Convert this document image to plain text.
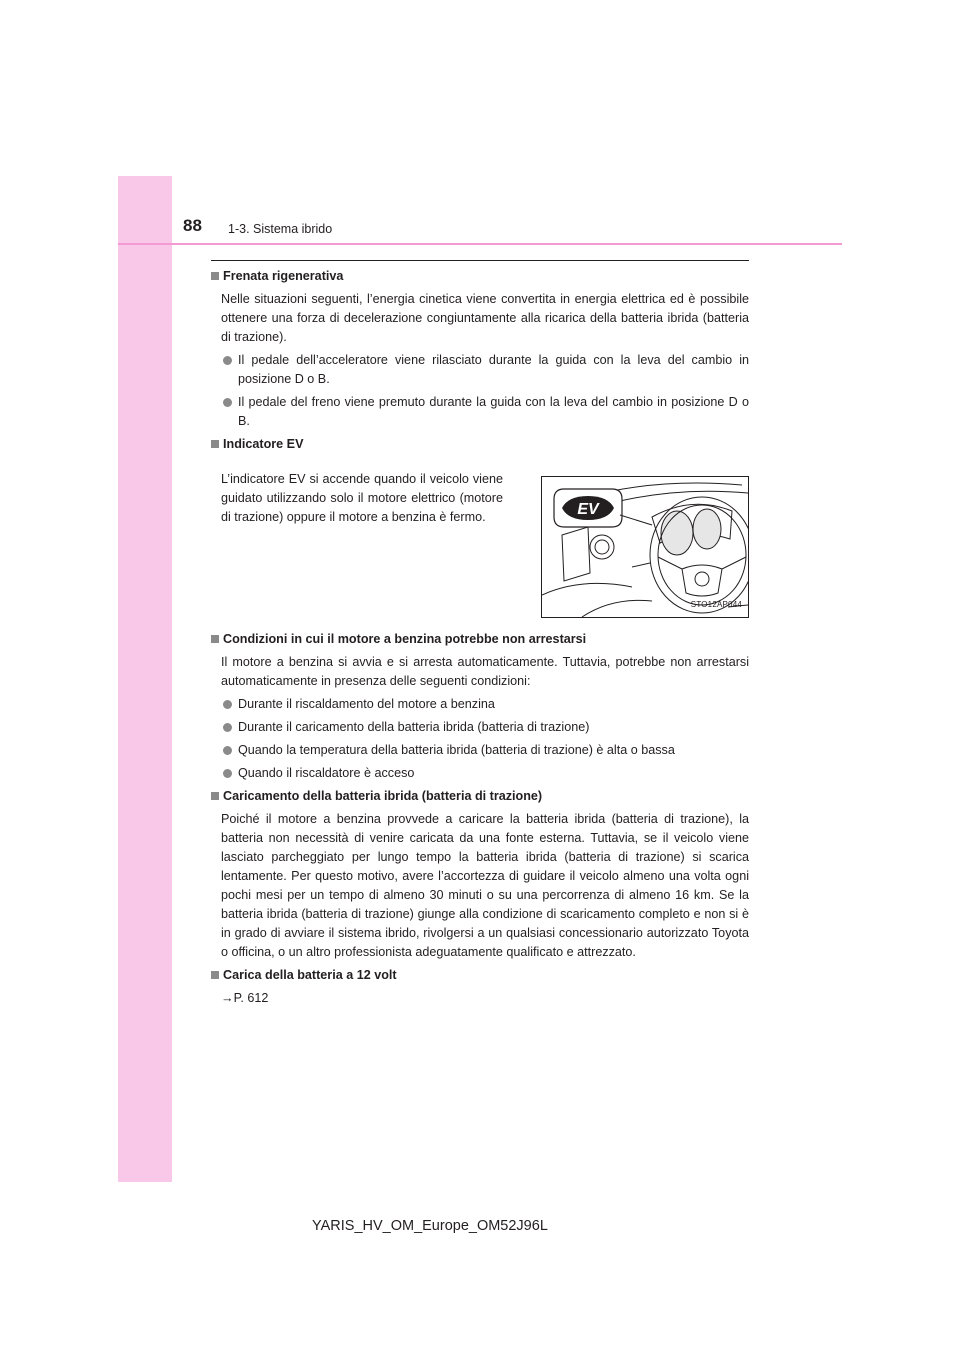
88 1-3. Sistema ibrido
Frenata rigenerativa
Nelle situazioni seguenti, l’energia cinetica viene convertita in energia elettrica ed è possibile ottenere una forza di decelerazione congiuntamente alla ricarica della batteria ibrida (batteria di trazione).
Il pedale dell’acceleratore viene rilasciato durante la guida con la leva del cambio in posizione D o B.
Il pedale del freno viene premuto durante la guida con la leva del cambio in posizione D o B.
Indicatore EV
L’indicatore EV si accende quando il veicolo viene guidato utilizzando solo il motore elettrico (motore di trazione) oppure il motore a benzina è fermo.	EV
STO12AP044
Condizioni in cui il motore a benzina potrebbe non arrestarsi
Il motore a benzina si avvia e si arresta automaticamente. Tuttavia, potrebbe non arrestarsi automaticamente in presenza delle seguenti condizioni:
Durante il riscaldamento del motore a benzina
Durante il caricamento della batteria ibrida (batteria di trazione)
Quando la temperatura della batteria ibrida (batteria di trazione) è alta o bassa
Quando il riscaldatore è acceso
Caricamento della batteria ibrida (batteria di trazione)
Poiché il motore a benzina provvede a caricare la batteria ibrida (batteria di trazione), la batteria non necessità di venire caricata da una fonte esterna. Tuttavia, se il veicolo viene lasciato parcheggiato per lungo tempo la batteria ibrida (batteria di trazione) si scarica lentamente. Per questo motivo, avere l’accortezza di guidare il veicolo almeno una volta ogni pochi mesi per un tempo di almeno 30 minuti o su una percorrenza di almeno 16 km. Se la batteria ibrida (batteria di trazione) giunge alla condizione di scaricamento completo e non si è in grado di avviare il sistema ibrido, rivolgersi a un qualsiasi concessionario autorizzato Toyota o officina, o un altro professionista adeguatamente qualificato e attrezzato.
Carica della batteria a 12 volt
→P. 612
YARIS_HV_OM_Europe_OM52J96L
